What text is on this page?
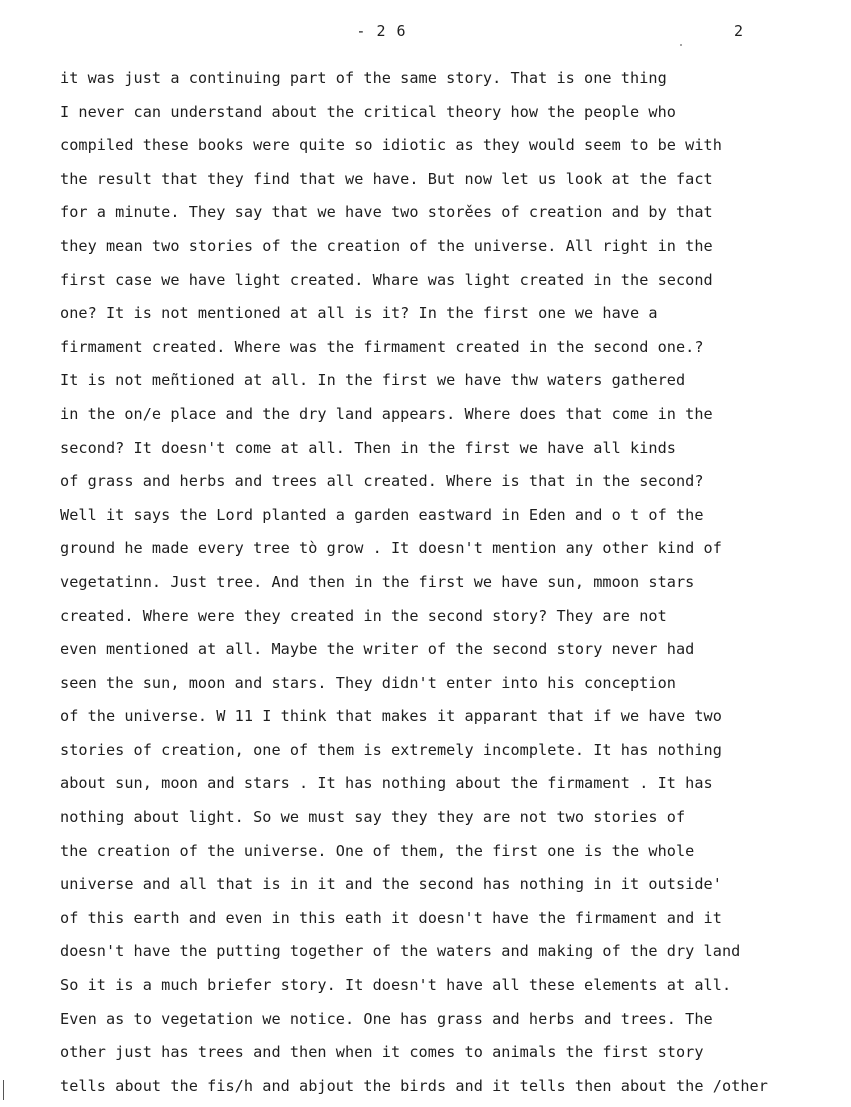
- 2 6	2
it was just a continuing part of the same story. That is one thing
I never can understand about the critical theory how the people who
compiled these books were quite so idiotic as they would seem to be with
the result that they find that we have. But now let us look at the fact
for a minute. They say that we have two storěes of creation and by that
they mean two stories of the creation of the universe. All right in the
first case we have light created. Whare was light created in the second
one? It is not mentioned at all is it? In the first one we have a
firmament created. Where was the firmament created in the second one.?
It is not meñtioned at all. In the first we have thw waters gathered
in the on/e place and the dry land appears. Where does that come in the
second? It doesn't come at all. Then in the first we have all kinds
of grass and herbs and trees all created. Where is that in the second?
Well it says the Lord planted a garden eastward in Eden and o t of the
ground he made every tree tò grow . It doesn't mention any other kind of
vegetatinn. Just tree. And then in the first we have sun, mmoon stars
created. Where were they created in the second story? They are not
even mentioned at all. Maybe the writer of the second story never had
seen the sun, moon and stars. They didn't enter into his conception
of the universe. W 11 I think that makes it apparant that if we have two
stories of creation, one of them is extremely incomplete. It has nothing
about sun, moon and stars . It has nothing about the firmament . It has
nothing about light. So we must say they they are not two stories of
the creation of the universe. One of them, the first one is the whole
universe and all that is in it and the second has nothing in it outside'
of this earth and even in this eath it doesn't have the firmament and it
doesn't have the putting together of the waters and making of the dry land
So it is a much briefer story. It doesn't have all these elements at all.
Even as to vegetation we notice. One has grass and herbs and trees. The
other just has trees and then when it comes to animals the first story
tells about the fis/h and abjout the birds and it tells then about the /other
